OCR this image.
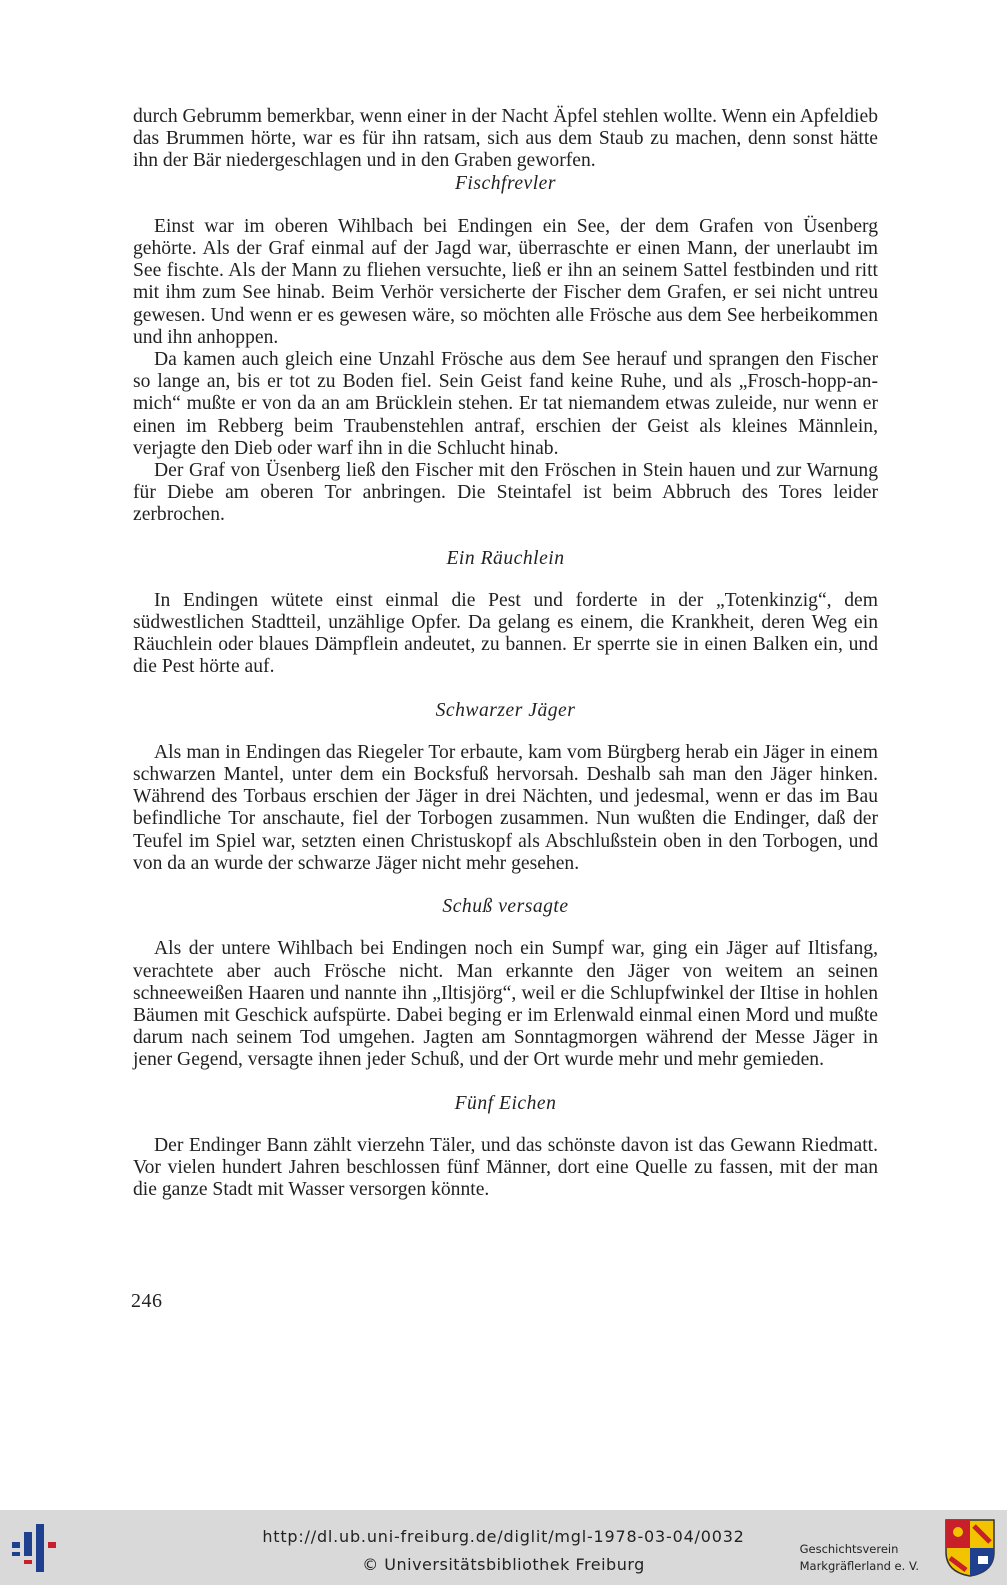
durch Gebrumm bemerkbar, wenn einer in der Nacht Äpfel stehlen wollte. Wenn ein Apfeldieb das Brummen hörte, war es für ihn ratsam, sich aus dem Staub zu machen, denn sonst hätte ihn der Bär niedergeschlagen und in den Graben geworfen.

Fischfrevler

Einst war im oberen Wihlbach bei Endingen ein See, der dem Grafen von Üsenberg gehörte. Als der Graf einmal auf der Jagd war, überraschte er einen Mann, der unerlaubt im See fischte. Als der Mann zu fliehen versuchte, ließ er ihn an seinem Sattel festbinden und ritt mit ihm zum See hinab. Beim Verhör versicherte der Fischer dem Grafen, er sei nicht untreu gewesen. Und wenn er es gewesen wäre, so möchten alle Frösche aus dem See herbeikommen und ihn anhoppen.

Da kamen auch gleich eine Unzahl Frösche aus dem See herauf und sprangen den Fischer so lange an, bis er tot zu Boden fiel. Sein Geist fand keine Ruhe, und als „Frosch-hopp-an-mich“ mußte er von da an am Brücklein stehen. Er tat niemandem etwas zuleide, nur wenn er einen im Rebberg beim Traubenstehlen antraf, erschien der Geist als kleines Männlein, verjagte den Dieb oder warf ihn in die Schlucht hinab.

Der Graf von Üsenberg ließ den Fischer mit den Fröschen in Stein hauen und zur Warnung für Diebe am oberen Tor anbringen. Die Steintafel ist beim Abbruch des Tores leider zerbrochen.

Ein Räuchlein

In Endingen wütete einst einmal die Pest und forderte in der „Totenkinzig“, dem südwestlichen Stadtteil, unzählige Opfer. Da gelang es einem, die Krankheit, deren Weg ein Räuchlein oder blaues Dämpflein andeutet, zu bannen. Er sperrte sie in einen Balken ein, und die Pest hörte auf.

Schwarzer Jäger

Als man in Endingen das Riegeler Tor erbaute, kam vom Bürgberg herab ein Jäger in einem schwarzen Mantel, unter dem ein Bocksfuß hervorsah. Deshalb sah man den Jäger hinken. Während des Torbaus erschien der Jäger in drei Nächten, und jedesmal, wenn er das im Bau befindliche Tor anschaute, fiel der Torbogen zusammen. Nun wußten die Endinger, daß der Teufel im Spiel war, setzten einen Christuskopf als Abschlußstein oben in den Torbogen, und von da an wurde der schwarze Jäger nicht mehr gesehen.

Schuß versagte

Als der untere Wihlbach bei Endingen noch ein Sumpf war, ging ein Jäger auf Iltisfang, verachtete aber auch Frösche nicht. Man erkannte den Jäger von weitem an seinen schneeweißen Haaren und nannte ihn „Iltisjörg“, weil er die Schlupfwinkel der Iltise in hohlen Bäumen mit Geschick aufspürte. Dabei beging er im Erlenwald einmal einen Mord und mußte darum nach seinem Tod umgehen. Jagten am Sonntagmorgen während der Messe Jäger in jener Gegend, versagte ihnen jeder Schuß, und der Ort wurde mehr und mehr gemieden.

Fünf Eichen

Der Endinger Bann zählt vierzehn Täler, und das schönste davon ist das Gewann Riedmatt. Vor vielen hundert Jahren beschlossen fünf Männer, dort eine Quelle zu fassen, mit der man die ganze Stadt mit Wasser versorgen könnte.

246
http://dl.ub.uni-freiburg.de/diglit/mgl-1978-03-04/0032
© Universitätsbibliothek Freiburg
Geschichtsverein
Markgräflerland e. V.
